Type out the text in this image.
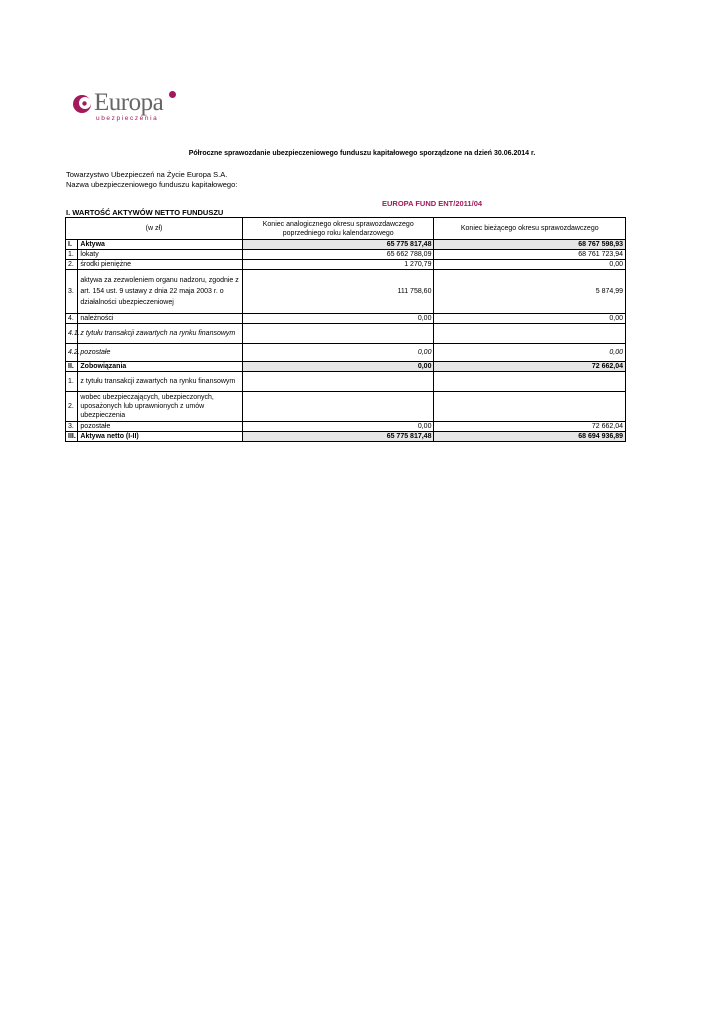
Europa
ubezpieczenia
Półroczne sprawozdanie ubezpieczeniowego funduszu kapitałowego sporządzone na dzień 30.06.2014 r.
Towarzystwo Ubezpieczeń na Życie Europa S.A.
Nazwa ubezpieczeniowego funduszu kapitałowego:
EUROPA FUND ENT/2011/04
I. WARTOŚĆ AKTYWÓW NETTO FUNDUSZU
(w zł)		Koniec analogicznego okresu sprawozdawczego poprzedniego roku kalendarzowego	Koniec bieżącego okresu sprawozdawczego
I.	Aktywa	65 775 817,48	68 767 598,93
1.	lokaty	65 662 788,09	68 761 723,94
2.	środki pieniężne	1 270,79	0,00
3.	aktywa za zezwoleniem organu nadzoru, zgodnie z art. 154 ust. 9 ustawy z dnia 22 maja 2003 r. o działalności ubezpieczeniowej	111 758,60	5 874,99
4.	należności	0,00	0,00
4.1.	z tytułu transakcji zawartych na rynku finansowym		
4.2.	pozostałe	0,00	0,00
II.	Zobowiązania	0,00	72 662,04
1.	z tytułu transakcji zawartych na rynku finansowym		
2.	wobec ubezpieczających, ubezpieczonych, uposażonych lub uprawnionych z umów ubezpieczenia		
3.	pozostałe	0,00	72 662,04
III.	Aktywa netto (I-II)	65 775 817,48	68 694 936,89
